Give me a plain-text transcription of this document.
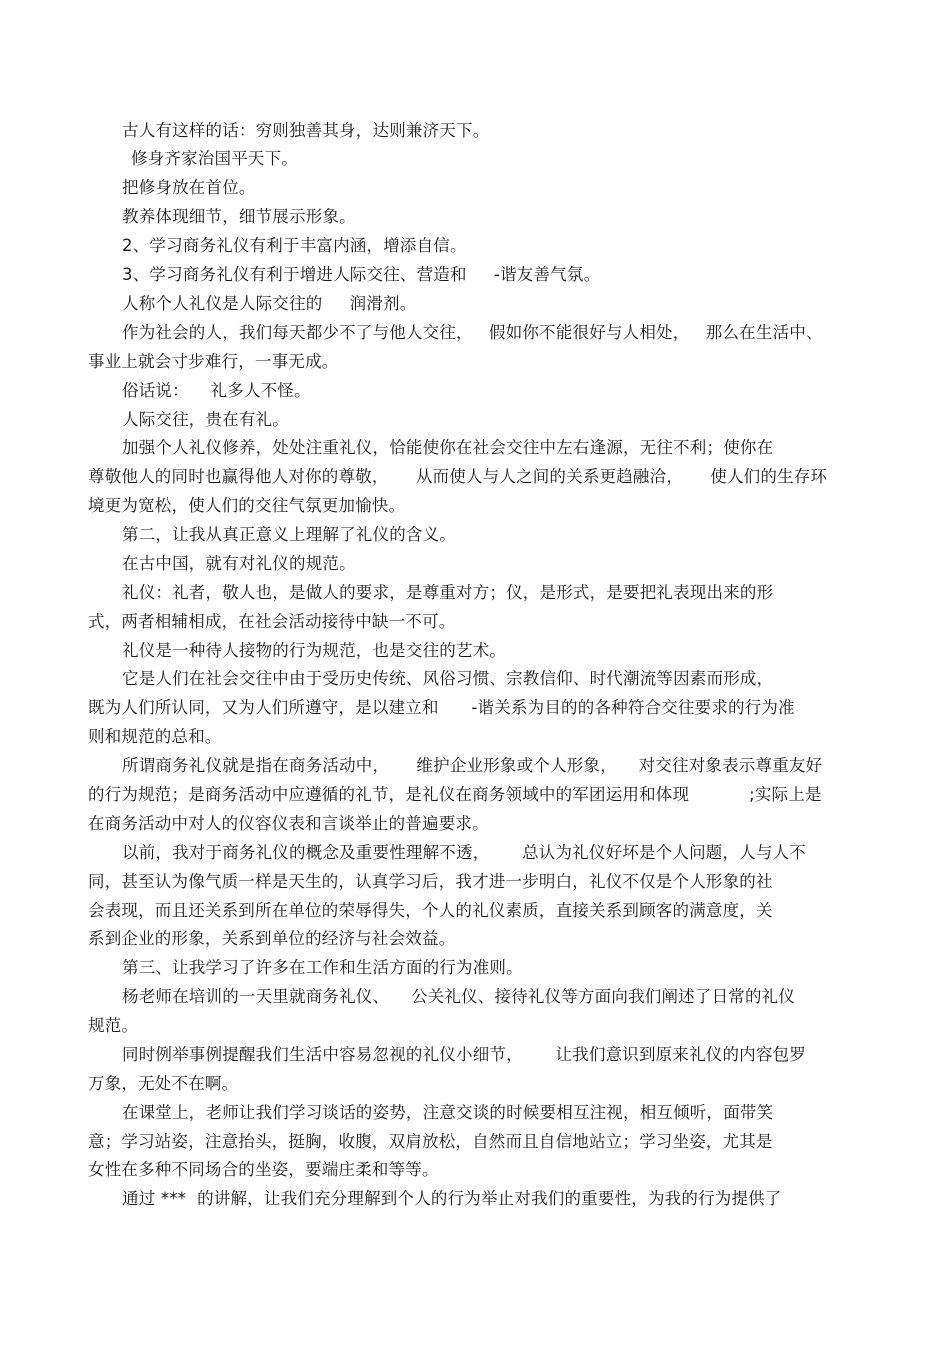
古人有这样的话：穷则独善其身，达则兼济天下。

修身齐家治国平天下。

把修身放在首位。

教养体现细节，细节展示形象。

2、学习商务礼仪有利于丰富内涵，增添自信。

3、学习商务礼仪有利于增进人际交往、营造和     -谐友善气氛。

人称个人礼仪是人际交往的     润滑剂。

作为社会的人，我们每天都少不了与他人交往，   假如你不能很好与人相处，   那么在生活中、

事业上就会寸步难行，一事无成。

俗话说：    礼多人不怪。

人际交往，贵在有礼。

加强个人礼仪修养，处处注重礼仪，恰能使你在社会交往中左右逢源，无往不利；使你在

尊敬他人的同时也赢得他人对你的尊敬，     从而使人与人之间的关系更趋融洽，     使人们的生存环

境更为宽松，使人们的交往气氛更加愉快。

第二，让我从真正意义上理解了礼仪的含义。

在古中国，就有对礼仪的规范。

礼仪：礼者，敬人也，是做人的要求，是尊重对方；仪，是形式，是要把礼表现出来的形

式，两者相辅相成，在社会活动接待中缺一不可。

礼仪是一种待人接物的行为规范，也是交往的艺术。

它是人们在社会交往中由于受历史传统、风俗习惯、宗教信仰、时代潮流等因素而形成，

既为人们所认同，又为人们所遵守，是以建立和      -谐关系为目的的各种符合交往要求的行为准

则和规范的总和。

所谓商务礼仪就是指在商务活动中，     维护企业形象或个人形象，    对交往对象表示尊重友好

的行为规范；是商务活动中应遵循的礼节，是礼仪在商务领域中的军团运用和体现           ;实际上是

在商务活动中对人的仪容仪表和言谈举止的普遍要求。

以前，我对于商务礼仪的概念及重要性理解不透，      总认为礼仪好坏是个人问题，人与人不

同，甚至认为像气质一样是天生的，认真学习后，我才进一步明白，礼仪不仅是个人形象的社

会表现，而且还关系到所在单位的荣辱得失，个人的礼仪素质，直接关系到顾客的满意度，关

系到企业的形象，关系到单位的经济与社会效益。

第三、让我学习了许多在工作和生活方面的行为准则。

杨老师在培训的一天里就商务礼仪、    公关礼仪、接待礼仪等方面向我们阐述了日常的礼仪

规范。

同时例举事例提醒我们生活中容易忽视的礼仪小细节，      让我们意识到原来礼仪的内容包罗

万象，无处不在啊。

在课堂上，老师让我们学习谈话的姿势，注意交谈的时候要相互注视，相互倾听，面带笑

意；学习站姿，注意抬头，挺胸，收腹，双肩放松，自然而且自信地站立；学习坐姿，尤其是

女性在多种不同场合的坐姿，要端庄柔和等等。

通过 ***  的讲解，让我们充分理解到个人的行为举止对我们的重要性，为我的行为提供了
